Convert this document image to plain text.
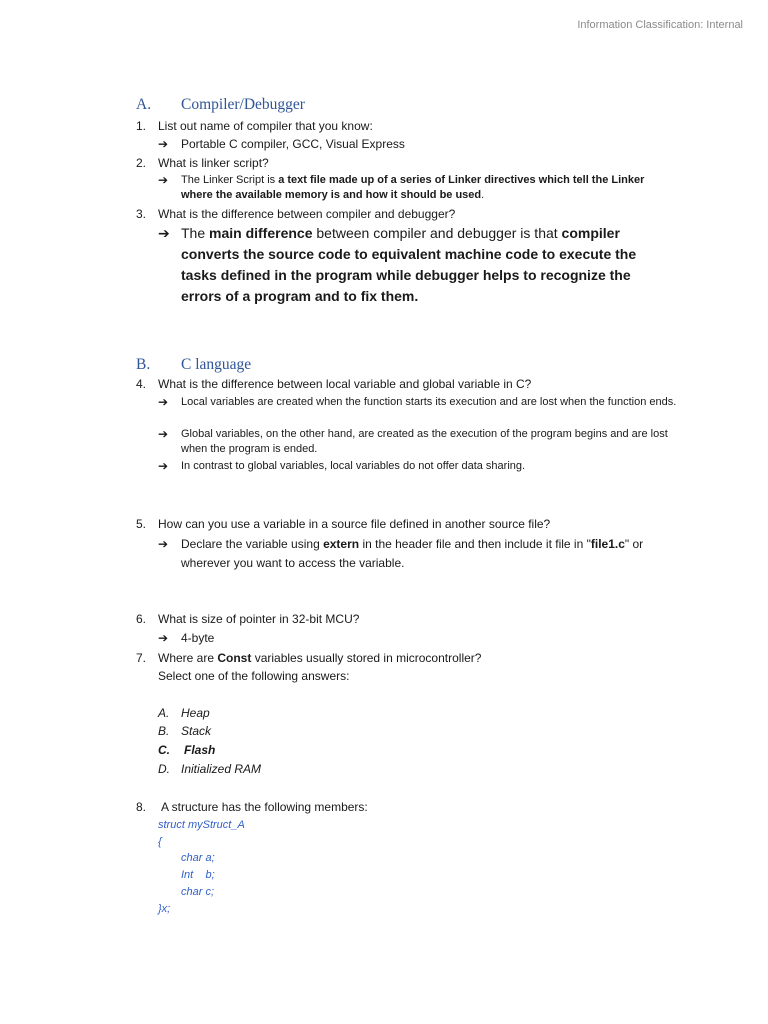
Information Classification: Internal
A. Compiler/Debugger
1. List out name of compiler that you know:
➔	Portable C compiler, GCC, Visual Express
2. What is linker script?
➔	The Linker Script is a text file made up of a series of Linker directives which tell the Linker where the available memory is and how it should be used.
3. What is the difference between compiler and debugger?
➔ The main difference between compiler and debugger is that compiler converts the source code to equivalent machine code to execute the tasks defined in the program while debugger helps to recognize the errors of a program and to fix them.
B. C language
4. What is the difference between local variable and global variable in C?
➔	Local variables are created when the function starts its execution and are lost when the function ends.
➔	Global variables, on the other hand, are created as the execution of the program begins and are lost when the program is ended.
➔	In contrast to global variables, local variables do not offer data sharing.
5. How can you use a variable in a source file defined in another source file?
➔	Declare the variable using extern in the header file and then include it file in "file1.c" or wherever you want to access the variable.
6. What is size of pointer in 32-bit MCU?
➔	4-byte
7. Where are Const variables usually stored in microcontroller?
Select one of the following answers:
A. Heap
B. Stack
C. Flash
D. Initialized RAM
8. A structure has the following members:
struct myStruct_A
{
char a;
Int    b;
char c;
}x;
